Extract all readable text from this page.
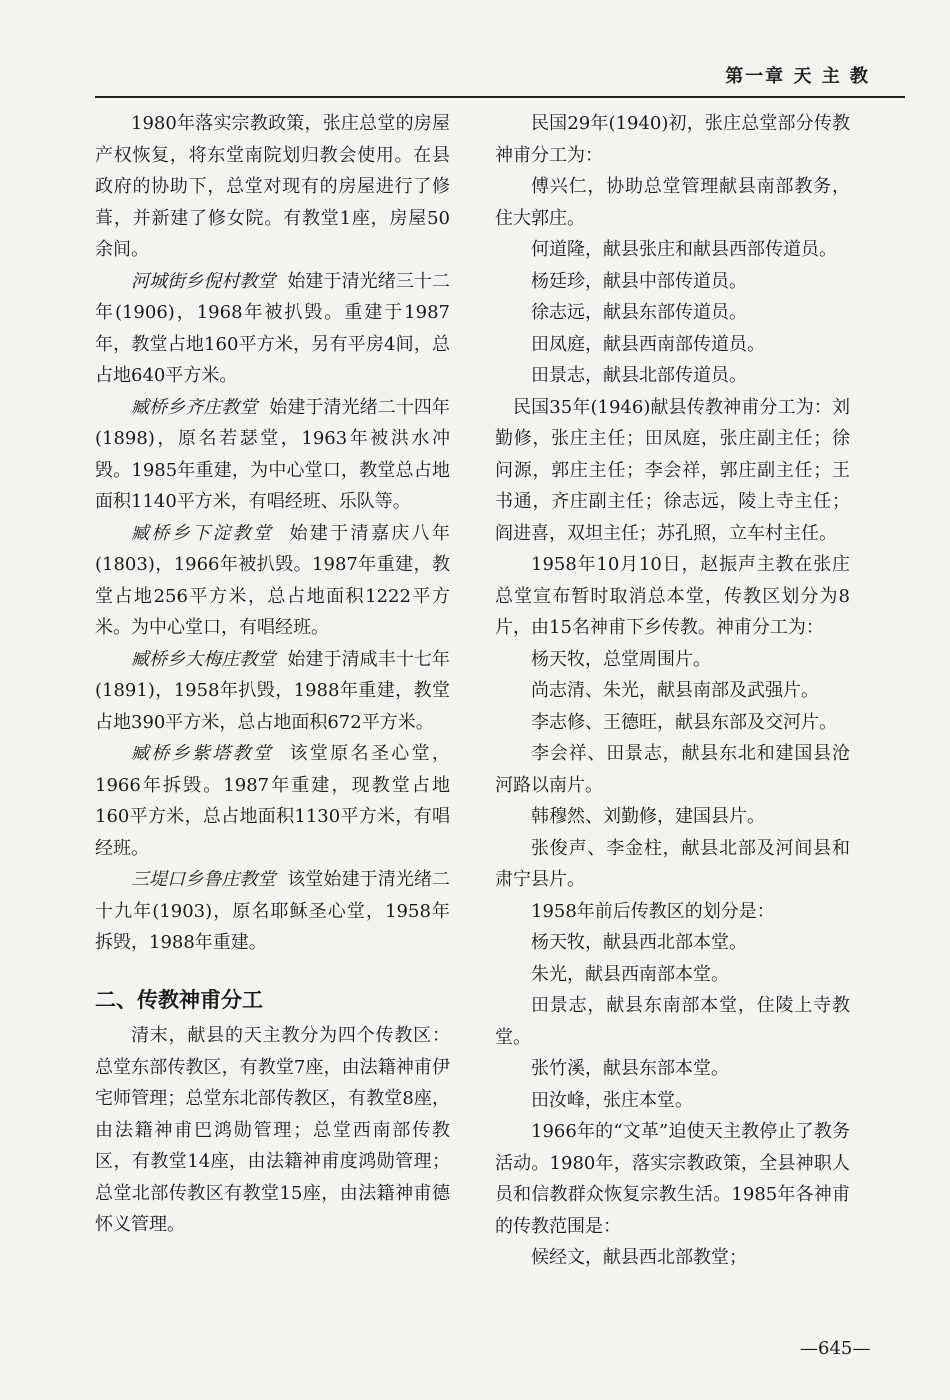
第一章 天 主 教

1980年落实宗教政策，张庄总堂的房屋产权恢复，将东堂南院划归教会使用。在县政府的协助下，总堂对现有的房屋进行了修葺，并新建了修女院。有教堂1座，房屋50余间。

河城街乡倪村教堂 始建于清光绪三十二年(1906)，1968年被扒毁。重建于1987年，教堂占地160平方米，另有平房4间，总占地640平方米。

臧桥乡齐庄教堂 始建于清光绪二十四年(1898)，原名若瑟堂，1963年被洪水冲毁。1985年重建，为中心堂口，教堂总占地面积1140平方米，有唱经班、乐队等。

臧桥乡下淀教堂 始建于清嘉庆八年(1803)，1966年被扒毁。1987年重建，教堂占地256平方米，总占地面积1222平方米。为中心堂口，有唱经班。

臧桥乡大梅庄教堂 始建于清咸丰十七年(1891)，1958年扒毁，1988年重建，教堂占地390平方米，总占地面积672平方米。

臧桥乡紫塔教堂 该堂原名圣心堂，1966年拆毁。1987年重建，现教堂占地160平方米，总占地面积1130平方米，有唱经班。

三堤口乡鲁庄教堂 该堂始建于清光绪二十九年(1903)，原名耶稣圣心堂，1958年拆毁，1988年重建。

二、传教神甫分工

清末，献县的天主教分为四个传教区：总堂东部传教区，有教堂7座，由法籍神甫伊宅师管理；总堂东北部传教区，有教堂8座，由法籍神甫巴鸿勋管理；总堂西南部传教区，有教堂14座，由法籍神甫度鸿勋管理；总堂北部传教区有教堂15座，由法籍神甫德怀义管理。

民国29年(1940)初，张庄总堂部分传教神甫分工为：

傅兴仁，协助总堂管理献县南部教务，住大郭庄。

何道隆，献县张庄和献县西部传道员。

杨廷珍，献县中部传道员。

徐志远，献县东部传道员。

田凤庭，献县西南部传道员。

田景志，献县北部传道员。

民国35年(1946)献县传教神甫分工为：刘勤修，张庄主任；田凤庭，张庄副主任；徐问源，郭庄主任；李会祥，郭庄副主任；王书通，齐庄副主任；徐志远，陵上寺主任；阎进喜，双坦主任；苏孔照，立车村主任。

1958年10月10日，赵振声主教在张庄总堂宣布暂时取消总本堂，传教区划分为8片，由15名神甫下乡传教。神甫分工为：

杨天牧，总堂周围片。

尚志清、朱光，献县南部及武强片。

李志修、王德旺，献县东部及交河片。

李会祥、田景志，献县东北和建国县沧河路以南片。

韩穆然、刘勤修，建国县片。

张俊声、李金柱，献县北部及河间县和肃宁县片。

1958年前后传教区的划分是：

杨天牧，献县西北部本堂。

朱光，献县西南部本堂。

田景志，献县东南部本堂，住陵上寺教堂。

张竹溪，献县东部本堂。

田汝峰，张庄本堂。

1966年的“文革”迫使天主教停止了教务活动。1980年，落实宗教政策，全县神职人员和信教群众恢复宗教生活。1985年各神甫的传教范围是：

候经文，献县西北部教堂；

—645—
